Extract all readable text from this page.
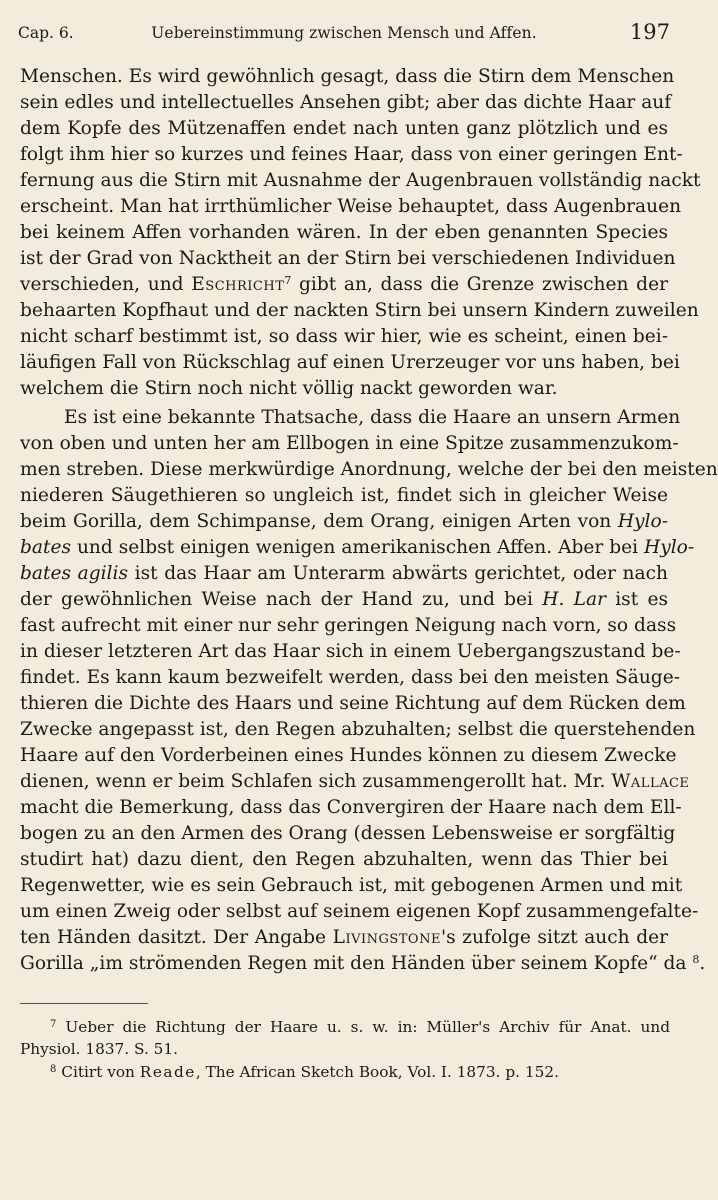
Cap. 6.	Uebereinstimmung zwischen Mensch und Affen.	197
Menschen. Es wird gewöhnlich gesagt, dass die Stirn dem Menschen
sein edles und intellectuelles Ansehen gibt; aber das dichte Haar auf
dem Kopfe des Mützenaffen endet nach unten ganz plötzlich und es
folgt ihm hier so kurzes und feines Haar, dass von einer geringen Ent-
fernung aus die Stirn mit Ausnahme der Augenbrauen vollständig nackt
erscheint. Man hat irrthümlicher Weise behauptet, dass Augenbrauen
bei keinem Affen vorhanden wären. In der eben genannten Species
ist der Grad von Nacktheit an der Stirn bei verschiedenen Individuen
verschieden, und Eschricht$^7$ gibt an, dass die Grenze zwischen der
behaarten Kopfhaut und der nackten Stirn bei unsern Kindern zuweilen
nicht scharf bestimmt ist, so dass wir hier, wie es scheint, einen bei-
läufigen Fall von Rückschlag auf einen Urerzeuger vor uns haben, bei
welchem die Stirn noch nicht völlig nackt geworden war.
Es ist eine bekannte Thatsache, dass die Haare an unsern Armen
von oben und unten her am Ellbogen in eine Spitze zusammenzukom-
men streben. Diese merkwürdige Anordnung, welche der bei den meisten
niederen Säugethieren so ungleich ist, findet sich in gleicher Weise
beim Gorilla, dem Schimpanse, dem Orang, einigen Arten von Hylo-
bates und selbst einigen wenigen amerikanischen Affen. Aber bei Hylo-
bates agilis ist das Haar am Unterarm abwärts gerichtet, oder nach
der gewöhnlichen Weise nach der Hand zu, und bei H. Lar ist es
fast aufrecht mit einer nur sehr geringen Neigung nach vorn, so dass
in dieser letzteren Art das Haar sich in einem Uebergangszustand be-
findet. Es kann kaum bezweifelt werden, dass bei den meisten Säuge-
thieren die Dichte des Haars und seine Richtung auf dem Rücken dem
Zwecke angepasst ist, den Regen abzuhalten; selbst die querstehenden
Haare auf den Vorderbeinen eines Hundes können zu diesem Zwecke
dienen, wenn er beim Schlafen sich zusammengerollt hat. Mr. Wallace
macht die Bemerkung, dass das Convergiren der Haare nach dem Ell-
bogen zu an den Armen des Orang (dessen Lebensweise er sorgfältig
studirt hat) dazu dient, den Regen abzuhalten, wenn das Thier bei
Regenwetter, wie es sein Gebrauch ist, mit gebogenen Armen und mit
um einen Zweig oder selbst auf seinem eigenen Kopf zusammengefalte-
ten Händen dasitzt. Der Angabe Livingstone's zufolge sitzt auch der
Gorilla „im strömenden Regen mit den Händen über seinem Kopfe“ da $^8$.
$^7$ Ueber die Richtung der Haare u. s. w. in: Müller's Archiv für Anat. und
Physiol. 1837. S. 51.
$^8$ Citirt von Reade, The African Sketch Book, Vol. I. 1873. p. 152.
